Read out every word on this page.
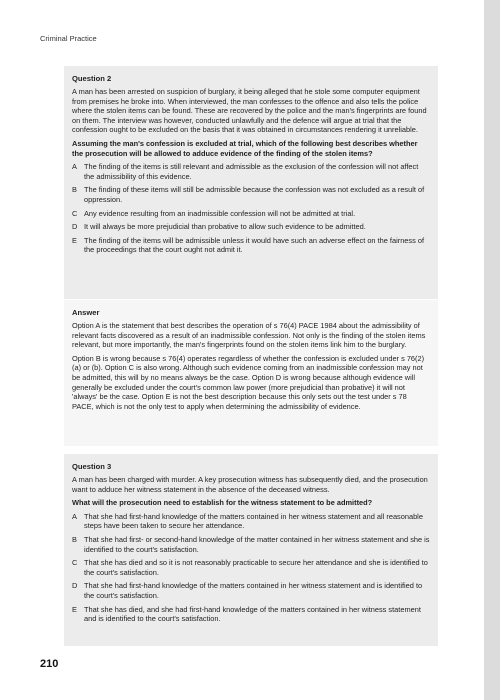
Criminal Practice
Question 2
A man has been arrested on suspicion of burglary, it being alleged that he stole some computer equipment from premises he broke into. When interviewed, the man confesses to the offence and also tells the police where the stolen items can be found. These are recovered by the police and the man's fingerprints are found on them. The interview was however, conducted unlawfully and the defence will argue at trial that the confession ought to be excluded on the basis that it was obtained in circumstances rendering it unreliable.
Assuming the man's confession is excluded at trial, which of the following best describes whether the prosecution will be allowed to adduce evidence of the finding of the stolen items?
A The finding of the items is still relevant and admissible as the exclusion of the confession will not affect the admissibility of this evidence.
B The finding of these items will still be admissible because the confession was not excluded as a result of oppression.
C Any evidence resulting from an inadmissible confession will not be admitted at trial.
D It will always be more prejudicial than probative to allow such evidence to be admitted.
E The finding of the items will be admissible unless it would have such an adverse effect on the fairness of the proceedings that the court ought not admit it.
Answer
Option A is the statement that best describes the operation of s 76(4) PACE 1984 about the admissibility of relevant facts discovered as a result of an inadmissible confession. Not only is the finding of the stolen items relevant, but more importantly, the man's fingerprints found on the stolen items link him to the burglary.
Option B is wrong because s 76(4) operates regardless of whether the confession is excluded under s 76(2)(a) or (b). Option C is also wrong. Although such evidence coming from an inadmissible confession may not be admitted, this will by no means always be the case. Option D is wrong because although evidence will generally be excluded under the court's common law power (more prejudicial than probative) it will not 'always' be the case. Option E is not the best description because this only sets out the test under s 78 PACE, which is not the only test to apply when determining the admissibility of evidence.
Question 3
A man has been charged with murder. A key prosecution witness has subsequently died, and the prosecution want to adduce her witness statement in the absence of the deceased witness.
What will the prosecution need to establish for the witness statement to be admitted?
A That she had first-hand knowledge of the matters contained in her witness statement and all reasonable steps have been taken to secure her attendance.
B That she had first- or second-hand knowledge of the matter contained in her witness statement and she is identified to the court's satisfaction.
C That she has died and so it is not reasonably practicable to secure her attendance and she is identified to the court's satisfaction.
D That she had first-hand knowledge of the matters contained in her witness statement and is identified to the court's satisfaction.
E That she has died, and she had first-hand knowledge of the matters contained in her witness statement and is identified to the court's satisfaction.
210
